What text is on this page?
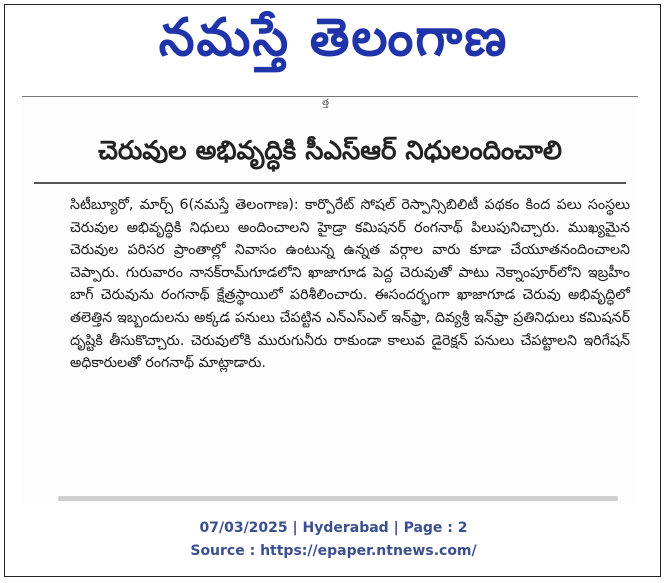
నమస్తే తెలంగాణ
త్త
చెరువుల అభివృద్ధికి సీఎస్ఆర్ నిధులందించాలి

సిటీబ్యూరో, మార్చ్ 6(నమస్తే తెలంగాణ): కార్పొరేట్ సోషల్ రెస్పాన్సిబిలిటీ పథకం కింద పలు సంస్థలు చెరువుల అభివృద్ధికి నిధులు అందించాలని హైడ్రా కమిషనర్ రంగనాథ్ పిలుపునిచ్చారు. ముఖ్యమైన చెరువుల పరిసర ప్రాంతాల్లో నివాసం ఉంటున్న ఉన్నత వర్గాల వారు కూడా చేయూతనందించాలని చెప్పారు. గురువారం నానక్‌రామ్‌గూడలోని ఖాజాగూడ పెద్ద చెరువుతో పాటు నెక్నాంపూర్‌లోని ఇబ్రహీం బాగ్ చెరువును రంగనాథ్ క్షేత్రస్థాయిలో పరిశీలించారు. ఈసందర్భంగా ఖాజాగూడ చెరువు అభివృద్ధిలో తలెత్తిన ఇబ్బందులను అక్కడ పనులు చేపట్టిన ఎన్ఎస్ఎల్ ఇన్‌ఫ్రా, దివ్యశ్రీ ఇన్‌ఫ్రా ప్రతినిధులు కమిషనర్ దృష్టికి తీసుకొచ్చారు. చెరువులోకి మురుగునీరు రాకుండా కాలువ డైరెక్షన్ పనులు చేపట్టాలని ఇరిగేషన్ అధికారులతో రంగనాథ్ మాట్లాడారు.

07/03/2025 | Hyderabad | Page : 2
Source : https://epaper.ntnews.com/
